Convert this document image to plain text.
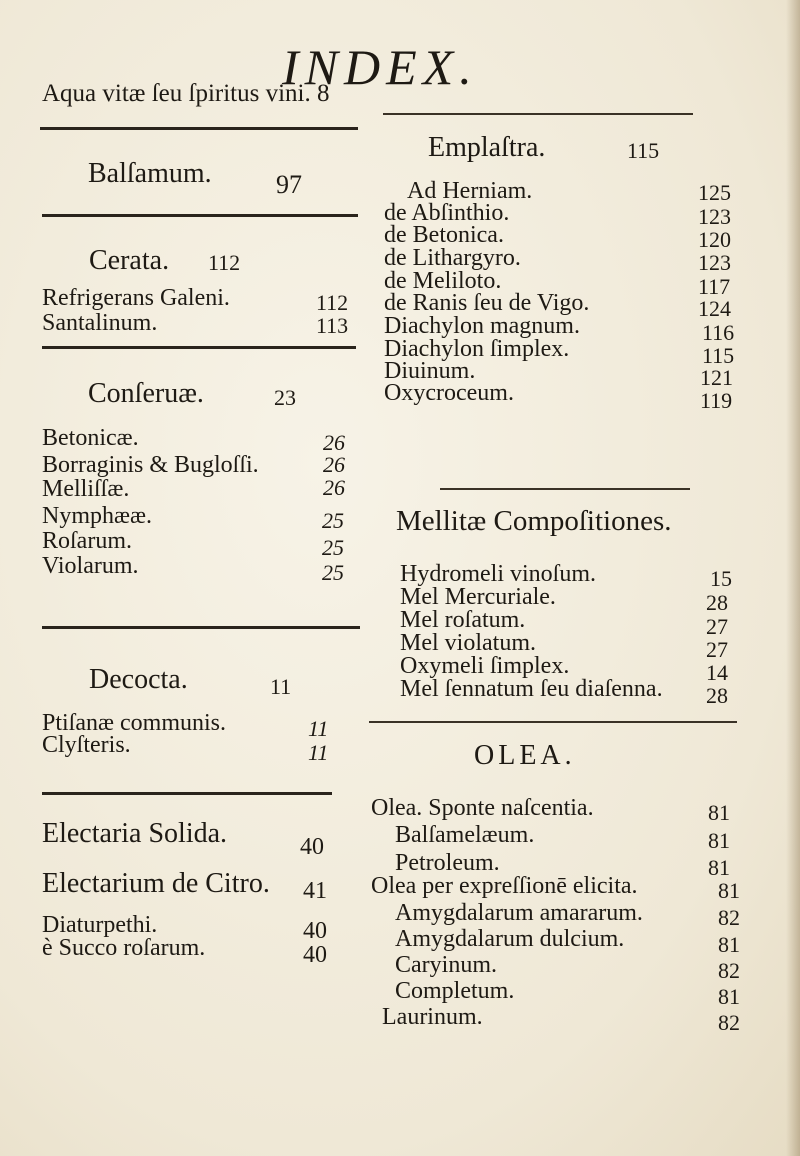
INDEX.
Aqua vitæ ſeu ſpiritus vini. 8
Balſamum. 97
Cerata. 112
Refrigerans Galeni.	112
Santalinum.	113
Conſeruæ.	23
Betonicæ.	26
Borraginis & Bugloſſi.	26
Melliſſæ.	26
Nymphææ.	25
Roſarum.	25
Violarum.	25
Decocta.	11
Ptiſanæ communis.	11
Clyſteris.	11
Electaria Solida.	40
Electarium de Citro. 41
Diaturpethi.	40
è Succo roſarum.	40
Emplaſtra.	115
Ad Herniam.	125
de Abſinthio.	123
de Betonica.	120
de Lithargyro.	123
de Meliloto.	117
de Ranis ſeu de Vigo.	124
Diachylon magnum.	116
Diachylon ſimplex.	115
Diuinum.	121
Oxycroceum.	119
Mellitæ Compoſitiones.
Hydromeli vinoſum.	15
Mel Mercuriale.	28
Mel roſatum.	27
Mel violatum.	27
Oxymeli ſimplex.	14
Mel ſennatum ſeu diaſenna. 28
OLEA.
Olea. Sponte naſcentia.	81
Balſamelæum.	81
Petroleum.	81
Olea per expreſſionē elicita.	81
Amygdalarum amararum.	82
Amygdalarum dulcium.	81
Caryinum.	82
Completum.	81
Laurinum.	82
